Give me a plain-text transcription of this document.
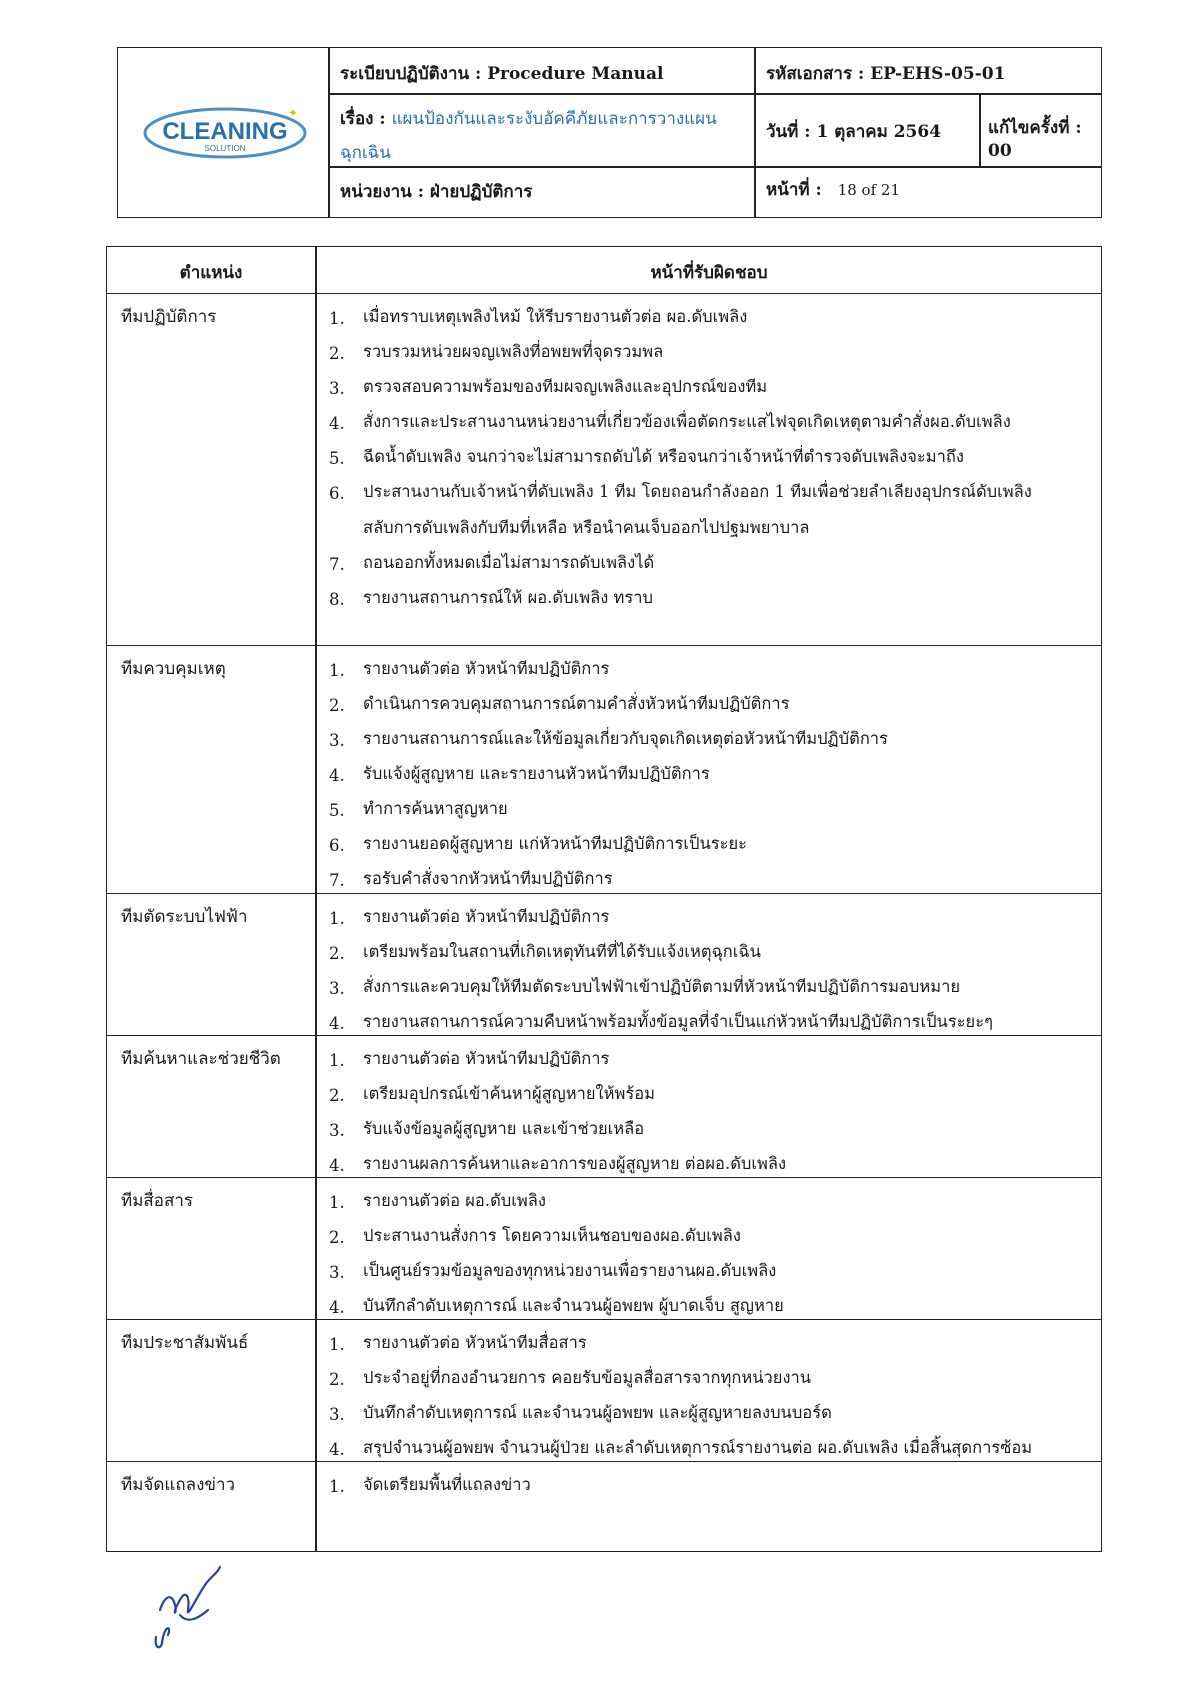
CLEANING
SOLUTION
✦
ระเบียบปฏิบัติงาน : Procedure Manual	รหัสเอกสาร : EP-EHS-05-01
เรื่อง : แผนป้องกันและระงับอัคคีภัยและการวางแผนฉุกเฉิน
วันที่ : 1 ตุลาคม 2564	แก้ไขครั้งที่ : 00
หน่วยงาน : ฝ่ายปฏิบัติการ	หน้าที่ : 18 of 21
ตำแหน่ง	หน้าที่รับผิดชอบ
ทีมปฏิบัติการ	1. เมื่อทราบเหตุเพลิงไหม้ ให้รีบรายงานตัวต่อ ผอ.ดับเพลิง
2. รวบรวมหน่วยผจญเพลิงที่อพยพที่จุดรวมพล
3. ตรวจสอบความพร้อมของทีมผจญเพลิงและอุปกรณ์ของทีม
4. สั่งการและประสานงานหน่วยงานที่เกี่ยวข้องเพื่อตัดกระแสไฟจุดเกิดเหตุตามคำสั่งผอ.ดับเพลิง
5. ฉีดน้ำดับเพลิง จนกว่าจะไม่สามารถดับได้ หรือจนกว่าเจ้าหน้าที่ตำรวจดับเพลิงจะมาถึง
6. ประสานงานกับเจ้าหน้าที่ดับเพลิง 1 ทีม โดยถอนกำลังออก 1 ทีมเพื่อช่วยลำเลียงอุปกรณ์ดับเพลิง
สลับการดับเพลิงกับทีมที่เหลือ หรือนำคนเจ็บออกไปปฐมพยาบาล
7. ถอนออกทั้งหมดเมื่อไม่สามารถดับเพลิงได้
8. รายงานสถานการณ์ให้ ผอ.ดับเพลิง ทราบ
ทีมควบคุมเหตุ	1. รายงานตัวต่อ หัวหน้าทีมปฏิบัติการ
2. ดำเนินการควบคุมสถานการณ์ตามคำสั่งหัวหน้าทีมปฏิบัติการ
3. รายงานสถานการณ์และให้ข้อมูลเกี่ยวกับจุดเกิดเหตุต่อหัวหน้าทีมปฏิบัติการ
4. รับแจ้งผู้สูญหาย และรายงานหัวหน้าทีมปฏิบัติการ
5. ทำการค้นหาสูญหาย
6. รายงานยอดผู้สูญหาย แก่หัวหน้าทีมปฏิบัติการเป็นระยะ
7. รอรับคำสั่งจากหัวหน้าทีมปฏิบัติการ
ทีมตัดระบบไฟฟ้า	1. รายงานตัวต่อ หัวหน้าทีมปฏิบัติการ
2. เตรียมพร้อมในสถานที่เกิดเหตุทันทีที่ได้รับแจ้งเหตุฉุกเฉิน
3. สั่งการและควบคุมให้ทีมตัดระบบไฟฟ้าเข้าปฏิบัติตามที่หัวหน้าทีมปฏิบัติการมอบหมาย
4. รายงานสถานการณ์ความคืบหน้าพร้อมทั้งข้อมูลที่จำเป็นแก่หัวหน้าทีมปฏิบัติการเป็นระยะๆ
ทีมค้นหาและช่วยชีวิต	1. รายงานตัวต่อ หัวหน้าทีมปฏิบัติการ
2. เตรียมอุปกรณ์เข้าค้นหาผู้สูญหายให้พร้อม
3. รับแจ้งข้อมูลผู้สูญหาย และเข้าช่วยเหลือ
4. รายงานผลการค้นหาและอาการของผู้สูญหาย ต่อผอ.ดับเพลิง
ทีมสื่อสาร	1. รายงานตัวต่อ ผอ.ดับเพลิง
2. ประสานงานสั่งการ โดยความเห็นชอบของผอ.ดับเพลิง
3. เป็นศูนย์รวมข้อมูลของทุกหน่วยงานเพื่อรายงานผอ.ดับเพลิง
4. บันทึกลำดับเหตุการณ์ และจำนวนผู้อพยพ ผู้บาดเจ็บ สูญหาย
ทีมประชาสัมพันธ์	1. รายงานตัวต่อ หัวหน้าทีมสื่อสาร
2. ประจำอยู่ที่กองอำนวยการ คอยรับข้อมูลสื่อสารจากทุกหน่วยงาน
3. บันทึกลำดับเหตุการณ์ และจำนวนผู้อพยพ และผู้สูญหายลงบนบอร์ด
4. สรุปจำนวนผู้อพยพ จำนวนผู้ป่วย และลำดับเหตุการณ์รายงานต่อ ผอ.ดับเพลิง เมื่อสิ้นสุดการซ้อม
ทีมจัดแถลงข่าว	1. จัดเตรียมพื้นที่แถลงข่าว
